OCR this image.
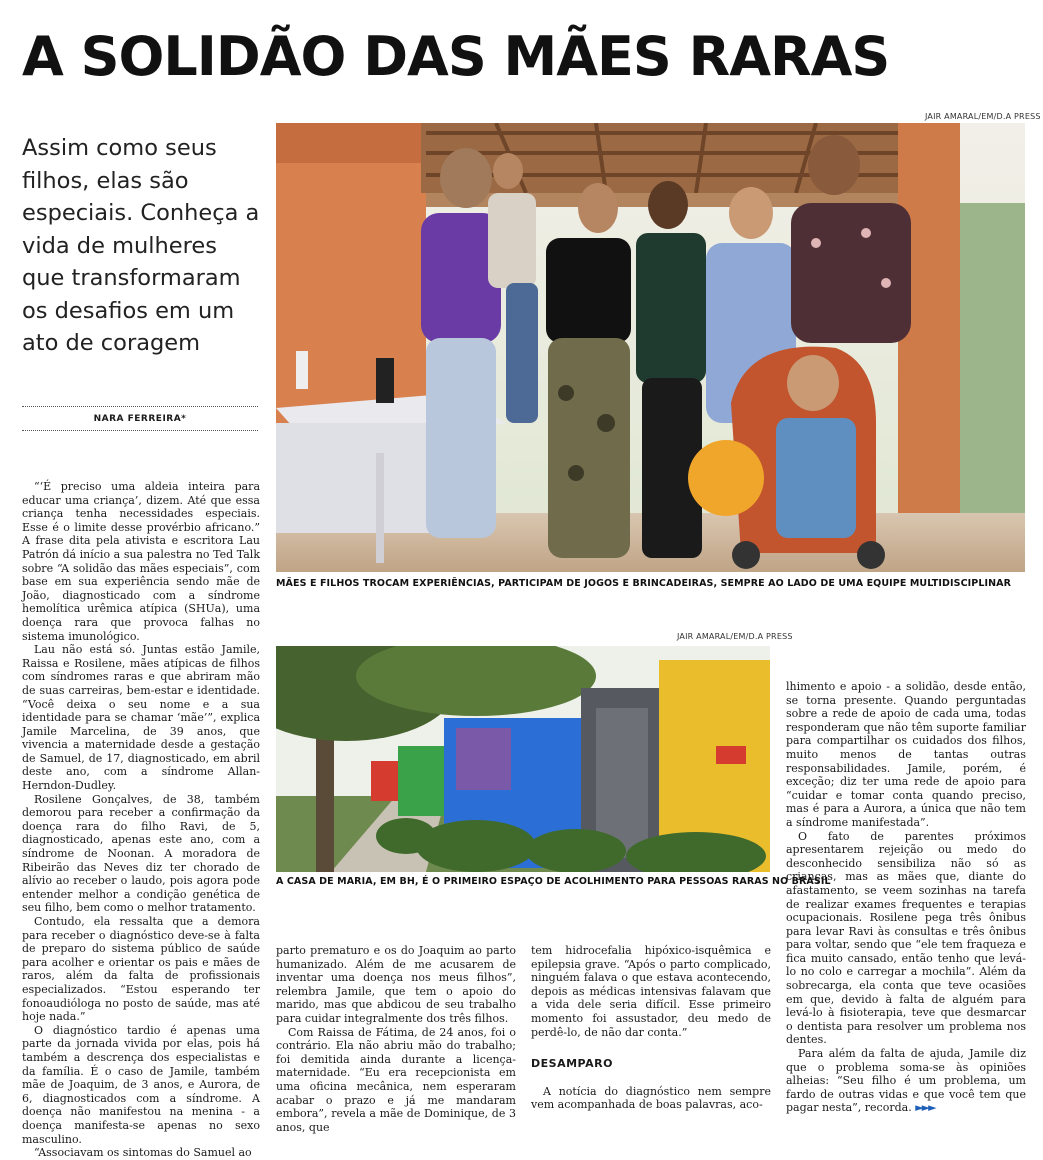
A SOLIDÃO DAS MÃES RARAS
Assim como seus filhos, elas são especiais. Conheça a vida de mulheres que transformaram os desafios em um ato de coragem
NARA FERREIRA*
JAIR AMARAL/EM/D.A PRESS
MÃES E FILHOS TROCAM EXPERIÊNCIAS, PARTICIPAM DE JOGOS E BRINCADEIRAS, SEMPRE AO LADO DE UMA EQUIPE MULTIDISCIPLINAR
JAIR AMARAL/EM/D.A PRESS
A CASA DE MARIA, EM BH, É O PRIMEIRO ESPAÇO DE ACOLHIMENTO PARA PESSOAS RARAS NO BRASIL

“‘É preciso uma aldeia inteira para educar uma criança’, dizem. Até que essa criança tenha necessidades especiais. Esse é o limite desse provérbio africano.” A frase dita pela ativista e escritora Lau Patrón dá início a sua palestra no Ted Talk sobre “A solidão das mães especiais”, com base em sua experiência sendo mãe de João, diagnosticado com a síndrome hemolítica urêmica atípica (SHUa), uma doença rara que provoca falhas no sistema imunológico.

Lau não está só. Juntas estão Jamile, Raissa e Rosilene, mães atípicas de filhos com síndromes raras e que abriram mão de suas carreiras, bem-estar e identidade. “Você deixa o seu nome e a sua identidade para se chamar ‘mãe’”, explica Jamile Marcelina, de 39 anos, que vivencia a maternidade desde a gestação de Samuel, de 17, diagnosticado, em abril deste ano, com a síndrome Allan-Herndon-Dudley.

Rosilene Gonçalves, de 38, também demorou para receber a confirmação da doença rara do filho Ravi, de 5, diagnosticado, apenas este ano, com a síndrome de Noonan. A moradora de Ribeirão das Neves diz ter chorado de alívio ao receber o laudo, pois agora pode entender melhor a condição genética de seu filho, bem como o melhor tratamento.

Contudo, ela ressalta que a demora para receber o diagnóstico deve-se à falta de preparo do sistema público de saúde para acolher e orientar os pais e mães de raros, além da falta de profissionais especializados. “Estou esperando ter fonoaudióloga no posto de saúde, mas até hoje nada.”

O diagnóstico tardio é apenas uma parte da jornada vivida por elas, pois há também a descrença dos especialistas e da família. É o caso de Jamile, também mãe de Joaquim, de 3 anos, e Aurora, de 6, diagnosticados com a síndrome. A doença não manifestou na menina - a doença manifesta-se apenas no sexo masculino.

“Associavam os sintomas do Samuel ao

parto prematuro e os do Joaquim ao parto humanizado. Além de me acusarem de inventar uma doença nos meus filhos”, relembra Jamile, que tem o apoio do marido, mas que abdicou de seu trabalho para cuidar integralmente dos três filhos.

Com Raissa de Fátima, de 24 anos, foi o contrário. Ela não abriu mão do trabalho; foi demitida ainda durante a licença-maternidade. “Eu era recepcionista em uma oficina mecânica, nem esperaram acabar o prazo e já me mandaram embora”, revela a mãe de Dominique, de 3 anos, que

tem hidrocefalia hipóxico-isquêmica e epilepsia grave. “Após o parto complicado, ninguém falava o que estava acontecendo, depois as médicas intensivas falavam que a vida dele seria difícil. Esse primeiro momento foi assustador, deu medo de perdê-lo, de não dar conta.”

DESAMPARO

A notícia do diagnóstico nem sempre vem acompanhada de boas palavras, aco-

lhimento e apoio - a solidão, desde então, se torna presente. Quando perguntadas sobre a rede de apoio de cada uma, todas responderam que não têm suporte familiar para compartilhar os cuidados dos filhos, muito menos de tantas outras responsabilidades. Jamile, porém, é exceção; diz ter uma rede de apoio para “cuidar e tomar conta quando preciso, mas é para a Aurora, a única que não tem a síndrome manifestada”.

O fato de parentes próximos apresentarem rejeição ou medo do desconhecido sensibiliza não só as crianças, mas as mães que, diante do afastamento, se veem sozinhas na tarefa de realizar exames frequentes e terapias ocupacionais. Rosilene pega três ônibus para levar Ravi às consultas e três ônibus para voltar, sendo que “ele tem fraqueza e fica muito cansado, então tenho que levá-lo no colo e carregar a mochila”. Além da sobrecarga, ela conta que teve ocasiões em que, devido à falta de alguém para levá-lo à fisioterapia, teve que desmarcar o dentista para resolver um problema nos dentes.

Para além da falta de ajuda, Jamile diz que o problema soma-se às opiniões alheias: “Seu filho é um problema, um fardo de outras vidas e que você tem que pagar nesta”, recorda. ►►►
